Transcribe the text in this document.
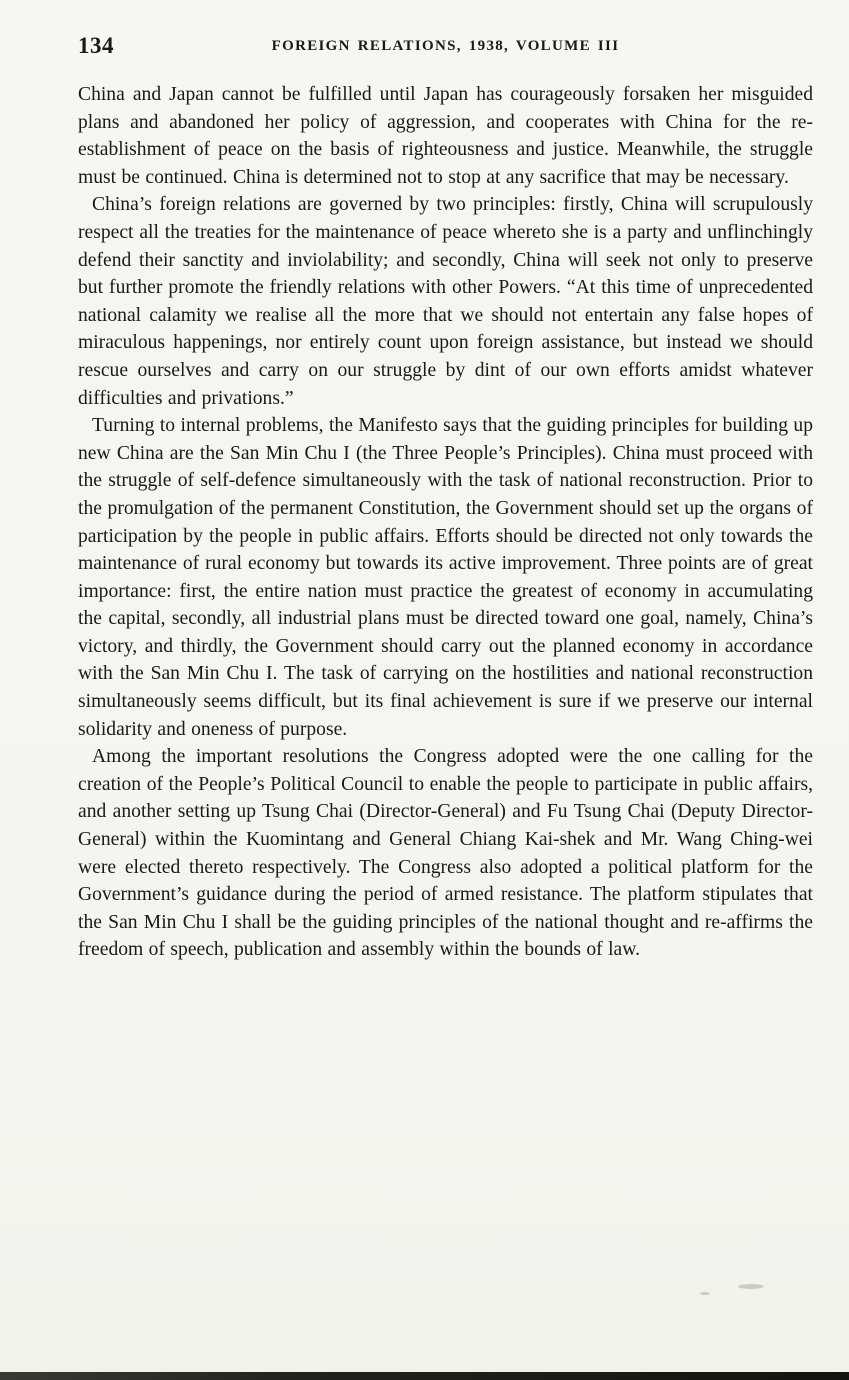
134	FOREIGN RELATIONS, 1938, VOLUME III

China and Japan cannot be fulfilled until Japan has courageously forsaken her misguided plans and abandoned her policy of aggression, and cooperates with China for the re-establishment of peace on the basis of righteousness and justice. Meanwhile, the struggle must be continued. China is determined not to stop at any sacrifice that may be necessary.

China’s foreign relations are governed by two principles: firstly, China will scrupulously respect all the treaties for the maintenance of peace whereto she is a party and unflinchingly defend their sanctity and inviolability; and secondly, China will seek not only to preserve but further promote the friendly relations with other Powers. “At this time of unprecedented national calamity we realise all the more that we should not entertain any false hopes of miraculous happenings, nor entirely count upon foreign assistance, but instead we should rescue ourselves and carry on our struggle by dint of our own efforts amidst whatever difficulties and privations.”

Turning to internal problems, the Manifesto says that the guiding principles for building up new China are the San Min Chu I (the Three People’s Principles). China must proceed with the struggle of self-defence simultaneously with the task of national reconstruction. Prior to the promulgation of the permanent Constitution, the Government should set up the organs of participation by the people in public affairs. Efforts should be directed not only towards the maintenance of rural economy but towards its active improvement. Three points are of great importance: first, the entire nation must practice the greatest of economy in accumulating the capital, secondly, all industrial plans must be directed toward one goal, namely, China’s victory, and thirdly, the Government should carry out the planned economy in accordance with the San Min Chu I. The task of carrying on the hostilities and national reconstruction simultaneously seems difficult, but its final achievement is sure if we preserve our internal solidarity and oneness of purpose.

Among the important resolutions the Congress adopted were the one calling for the creation of the People’s Political Council to enable the people to participate in public affairs, and another setting up Tsung Chai (Director-General) and Fu Tsung Chai (Deputy Director-General) within the Kuomintang and General Chiang Kai-shek and Mr. Wang Ching-wei were elected thereto respectively. The Congress also adopted a political platform for the Government’s guidance during the period of armed resistance. The platform stipulates that the San Min Chu I shall be the guiding principles of the national thought and re-affirms the freedom of speech, publication and assembly within the bounds of law.
